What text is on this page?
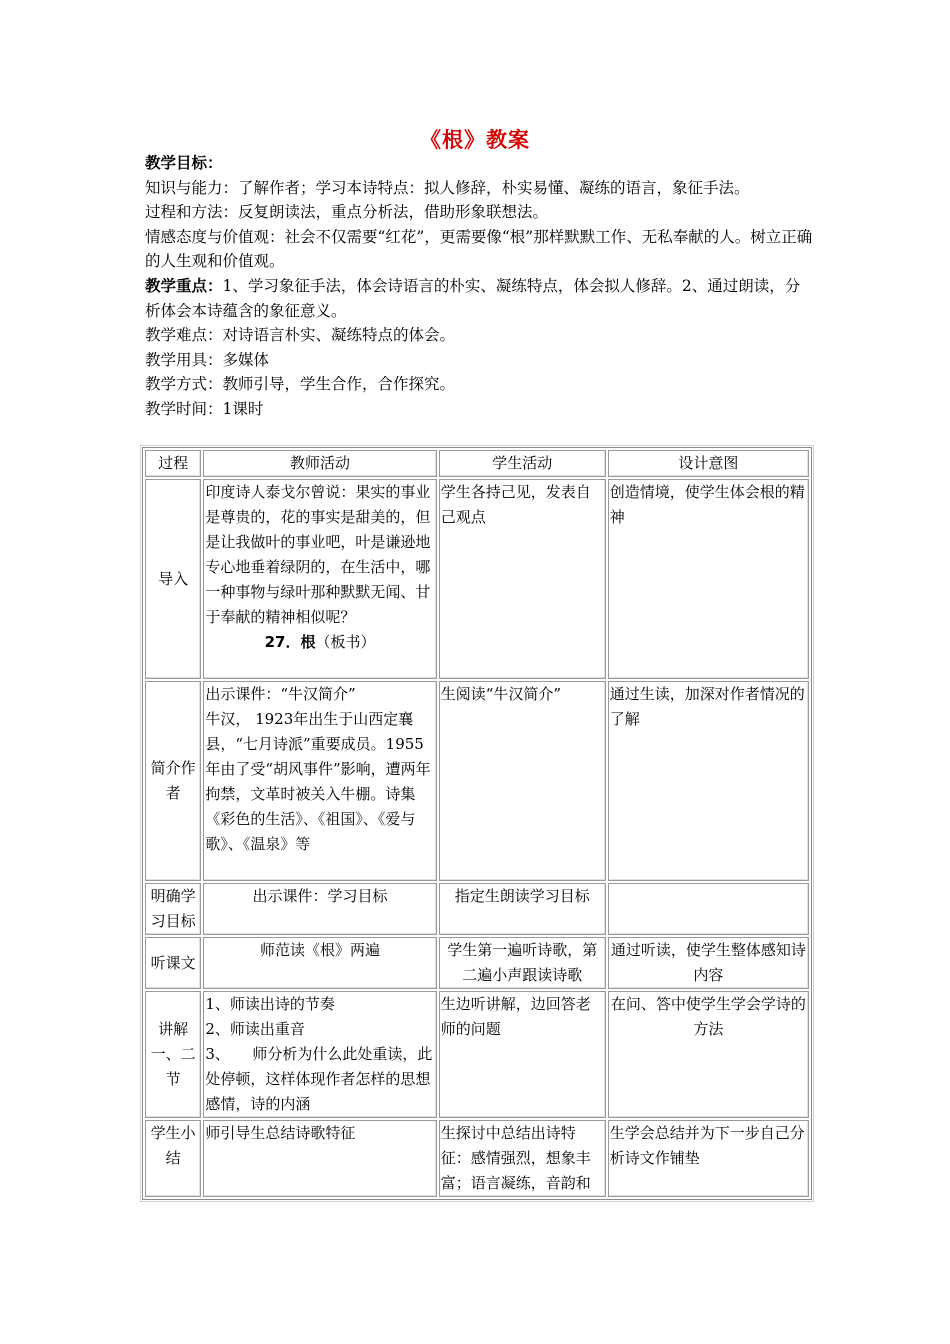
《根》教案

教学目标：

知识与能力：了解作者；学习本诗特点：拟人修辞，朴实易懂、凝练的语言，象征手法。

过程和方法：反复朗读法，重点分析法，借助形象联想法。

情感态度与价值观：社会不仅需要“红花”，更需要像“根”那样默默工作、无私奉献的人。树立正确的人生观和价值观。

教学重点：1、学习象征手法，体会诗语言的朴实、凝练特点，体会拟人修辞。2、通过朗读，分析体会本诗蕴含的象征意义。

教学难点：对诗语言朴实、凝练特点的体会。

教学用具：多媒体

教学方式：教师引导，学生合作，合作探究。

教学时间：1课时

过程	教师活动	学生活动	设计意图
导入	印度诗人泰戈尔曾说：果实的事业是尊贵的，花的事实是甜美的，但是让我做叶的事业吧，叶是谦逊地专心地垂着绿阴的，在生活中，哪一种事物与绿叶那种默默无闻、甘于奉献的精神相似呢？
27．根（板书）	学生各持己见，发表自己观点	创造情境，使学生体会根的精神
简介作者	出示课件：“牛汉简介”
牛汉， 1923年出生于山西定襄县，“七月诗派”重要成员。1955年由了受“胡风事件”影响，遭两年拘禁，文革时被关入牛棚。诗集《彩色的生活》、《祖国》、《爱与歌》、《温泉》等	生阅读“牛汉简介”	通过生读，加深对作者情况的了解
明确学习目标	出示课件：学习目标	指定生朗读学习目标	
听课文	师范读《根》两遍	学生第一遍听诗歌，第二遍小声跟读诗歌	通过听读，使学生整体感知诗内容
讲解一、二节	1、师读出诗的节奏
2、师读出重音
3、　　师分析为什么此处重读，此处停顿，这样体现作者怎样的思想感情，诗的内涵	生边听讲解，边回答老师的问题	在问、答中使学生学会学诗的方法
学生小结	师引导生总结诗歌特征	生探讨中总结出诗特征：感情强烈，想象丰富；语言凝练，音韵和	生学会总结并为下一步自己分析诗文作铺垫
